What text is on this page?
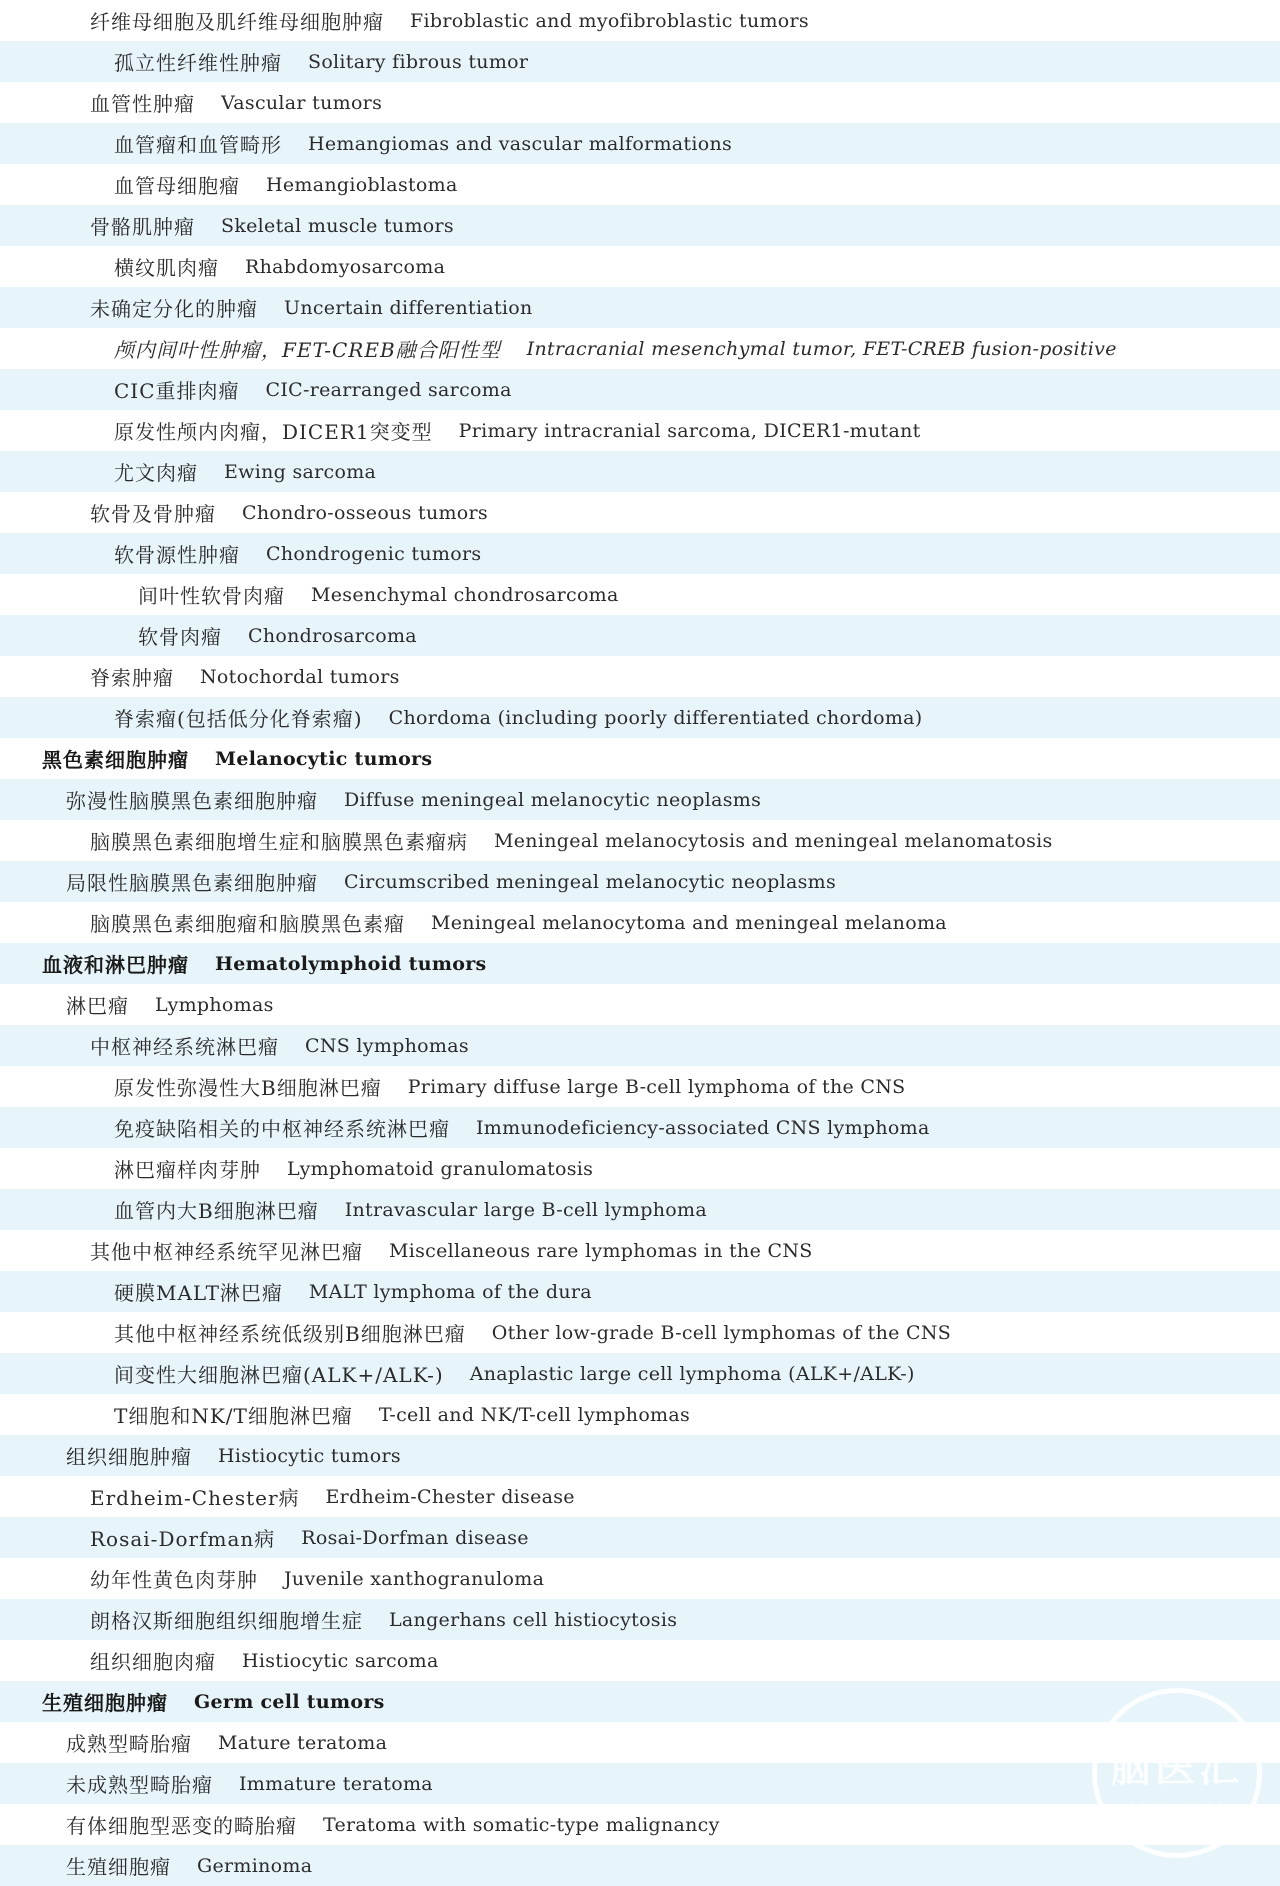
纤维母细胞及肌纤维母细胞肿瘤 Fibroblastic and myofibroblastic tumors
孤立性纤维性肿瘤 Solitary fibrous tumor
血管性肿瘤 Vascular tumors
血管瘤和血管畸形 Hemangiomas and vascular malformations
血管母细胞瘤 Hemangioblastoma
骨骼肌肿瘤 Skeletal muscle tumors
横纹肌肉瘤 Rhabdomyosarcoma
未确定分化的肿瘤 Uncertain differentiation
颅内间叶性肿瘤，FET-CREB融合阳性型 Intracranial mesenchymal tumor, FET-CREB fusion-positive
CIC重排肉瘤 CIC-rearranged sarcoma
原发性颅内肉瘤，DICER1突变型 Primary intracranial sarcoma, DICER1-mutant
尤文肉瘤 Ewing sarcoma
软骨及骨肿瘤 Chondro-osseous tumors
软骨源性肿瘤 Chondrogenic tumors
间叶性软骨肉瘤 Mesenchymal chondrosarcoma
软骨肉瘤 Chondrosarcoma
脊索肿瘤 Notochordal tumors
脊索瘤(包括低分化脊索瘤) Chordoma (including poorly differentiated chordoma)
黑色素细胞肿瘤 Melanocytic tumors
弥漫性脑膜黑色素细胞肿瘤 Diffuse meningeal melanocytic neoplasms
脑膜黑色素细胞增生症和脑膜黑色素瘤病 Meningeal melanocytosis and meningeal melanomatosis
局限性脑膜黑色素细胞肿瘤 Circumscribed meningeal melanocytic neoplasms
脑膜黑色素细胞瘤和脑膜黑色素瘤 Meningeal melanocytoma and meningeal melanoma
血液和淋巴肿瘤 Hematolymphoid tumors
淋巴瘤 Lymphomas
中枢神经系统淋巴瘤 CNS lymphomas
原发性弥漫性大B细胞淋巴瘤 Primary diffuse large B-cell lymphoma of the CNS
免疫缺陷相关的中枢神经系统淋巴瘤 Immunodeficiency-associated CNS lymphoma
淋巴瘤样肉芽肿 Lymphomatoid granulomatosis
血管内大B细胞淋巴瘤 Intravascular large B-cell lymphoma
其他中枢神经系统罕见淋巴瘤 Miscellaneous rare lymphomas in the CNS
硬膜MALT淋巴瘤 MALT lymphoma of the dura
其他中枢神经系统低级别B细胞淋巴瘤 Other low-grade B-cell lymphomas of the CNS
间变性大细胞淋巴瘤(ALK+/ALK-) Anaplastic large cell lymphoma (ALK+/ALK-)
T细胞和NK/T细胞淋巴瘤 T-cell and NK/T-cell lymphomas
组织细胞肿瘤 Histiocytic tumors
Erdheim-Chester病 Erdheim-Chester disease
Rosai-Dorfman病 Rosai-Dorfman disease
幼年性黄色肉芽肿 Juvenile xanthogranuloma
朗格汉斯细胞组织细胞增生症 Langerhans cell histiocytosis
组织细胞肉瘤 Histiocytic sarcoma
生殖细胞肿瘤 Germ cell tumors
成熟型畸胎瘤 Mature teratoma
未成熟型畸胎瘤 Immature teratoma
有体细胞型恶变的畸胎瘤 Teratoma with somatic-type malignancy
生殖细胞瘤 Germinoma
脑医汇
· · · · · · · · ·
